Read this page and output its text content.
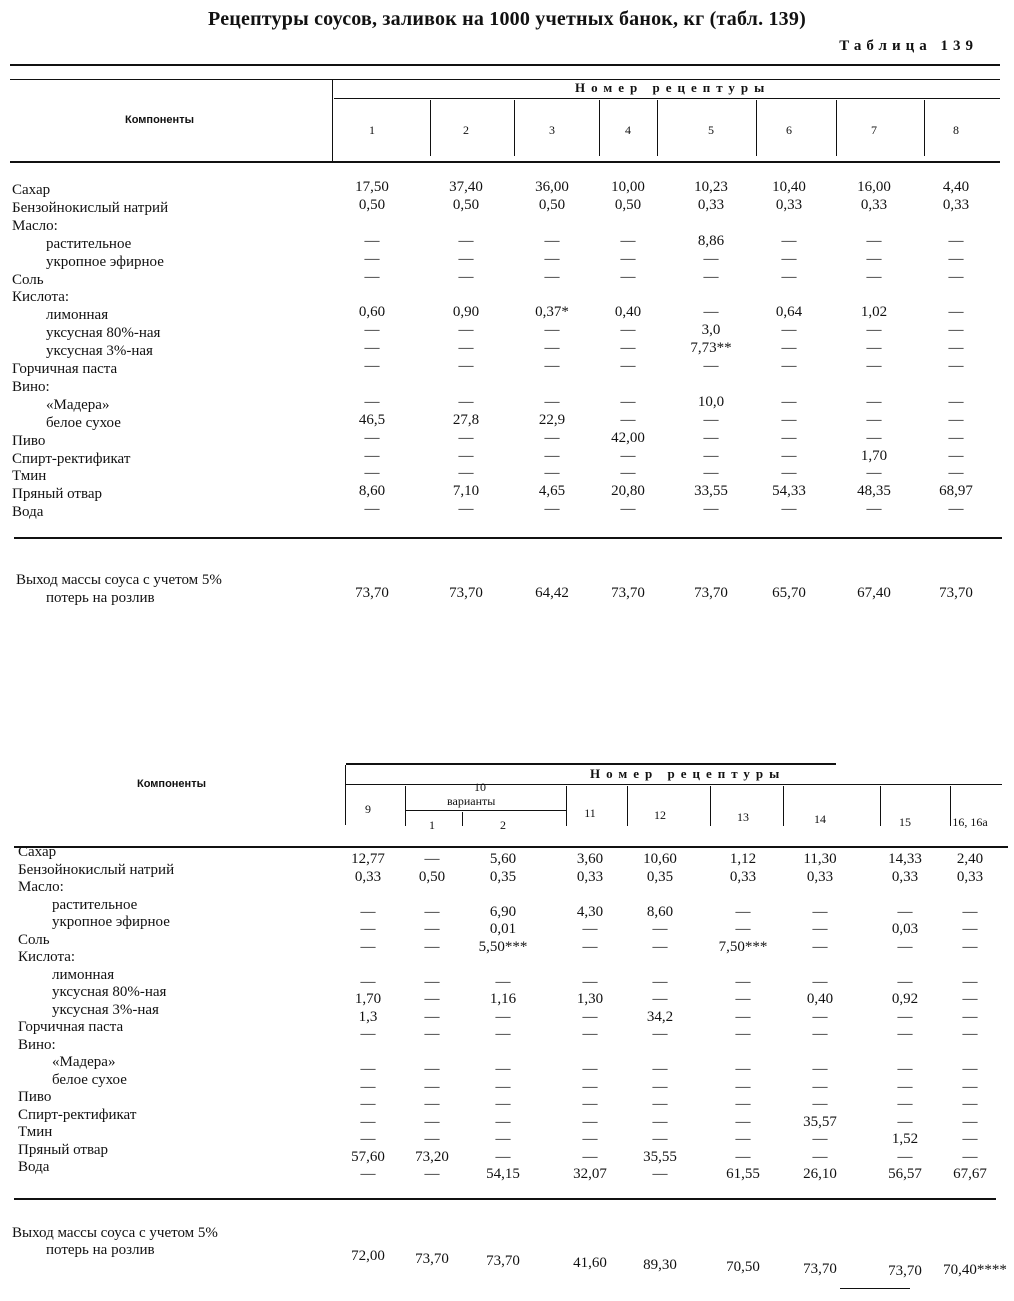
Рецептуры соусов, заливок на 1000 учетных банок, кг (табл. 139)
Таблица 139
Компоненты
Номер рецептуры
1	2	3	4	5	6	7	8
Сахар	17,50	37,40	36,00	10,00	10,23	10,40	16,00	4,40
Бензойнокислый натрий	0,50	0,50	0,50	0,50	0,33	0,33	0,33	0,33
Масло:
растительное	—	—	—	—	8,86	—	—	—
укропное эфирное	—	—	—	—	—	—	—	—
Соль	—	—	—	—	—	—	—	—
Кислота:
лимонная	0,60	0,90	0,37*	0,40	—	0,64	1,02	—
уксусная 80%-ная	—	—	—	—	3,0	—	—	—
уксусная 3%-ная	—	—	—	—	7,73**	—	—	—
Горчичная паста	—	—	—	—	—	—	—	—
Вино:
«Мадера»	—	—	—	—	10,0	—	—	—
белое сухое	46,5	27,8	22,9	—	—	—	—	—
Пиво	—	—	—	42,00	—	—	—	—
Спирт-ректификат	—	—	—	—	—	—	1,70	—
Тмин	—	—	—	—	—	—	—	—
Пряный отвар	8,60	7,10	4,65	20,80	33,55	54,33	48,35	68,97
Вода	—	—	—	—	—	—	—	—
Выход массы соуса с учетом 5%
потерь на розлив	73,70	73,70	64,42	73,70	73,70	65,70	67,40	73,70
Компоненты
Номер рецептуры
10
варианты
9
1	2
11	12	13	14	15	16, 16а
Сахар	12,77	—	5,60	3,60	10,60	1,12	11,30	14,33	2,40
Бензойнокислый натрий	0,33	0,50	0,35	0,33	0,35	0,33	0,33	0,33	0,33
Масло:
растительное	—	—	6,90	4,30	8,60	—	—	—	—
укропное эфирное	—	—	0,01	—	—	—	—	0,03	—
Соль	—	—	5,50***	—	—	7,50***	—	—	—
Кислота:
лимонная	—	—	—	—	—	—	—	—	—
уксусная 80%-ная	1,70	—	1,16	1,30	—	—	0,40	0,92	—
уксусная 3%-ная	1,3	—	—	—	34,2	—	—	—	—
Горчичная паста	—	—	—	—	—	—	—	—	—
Вино:
«Мадера»	—	—	—	—	—	—	—	—	—
белое сухое	—	—	—	—	—	—	—	—	—
Пиво	—	—	—	—	—	—	—	—	—
Спирт-ректификат	—	—	—	—	—	—	35,57	—	—
Тмин	—	—	—	—	—	—	—	1,52	—
Пряный отвар	57,60	73,20	—	—	35,55	—	—	—	—
Вода	—	—	54,15	32,07	—	61,55	26,10	56,57	67,67
Выход массы соуса с учетом 5%
потерь на розлив	72,00	73,70	73,70	41,60	89,30	70,50	73,70	73,70	70,40****
